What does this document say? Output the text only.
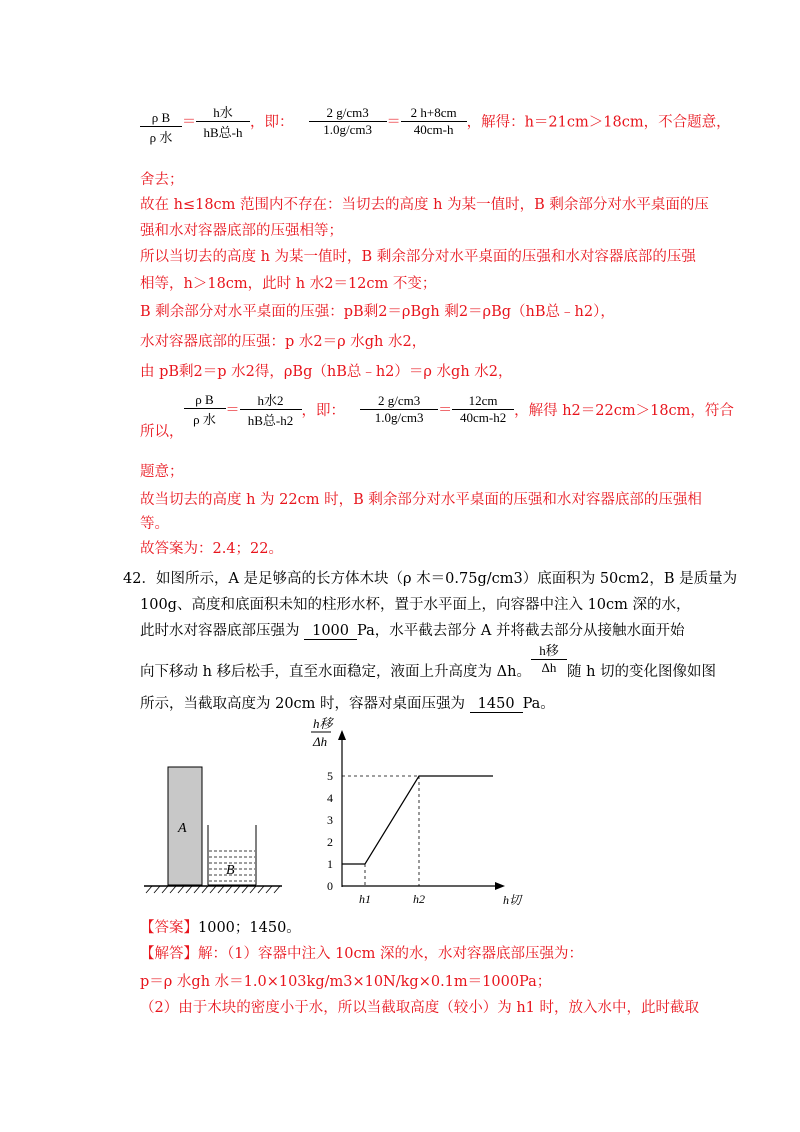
$\frac{\text{ρ B}}{\text{ρ 水}} = \frac{\text{h水}}{\text{hB总-h}}$ ，即： $\frac{2 g/cm3}{1.0g/cm3} = \frac{2 h+8cm}{40cm-h}$ ，解得：h＝21cm＞18cm，不合题意，
舍去；
故在 h≤18cm 范围内不存在：当切去的高度 h 为某一值时，B 剩余部分对水平桌面的压
强和水对容器底部的压强相等；
所以当切去的高度 h 为某一值时，B 剩余部分对水平桌面的压强和水对容器底部的压强
相等，h＞18cm，此时 h 水2＝12cm 不变；
B 剩余部分对水平桌面的压强：pB剩2＝ρBgh 剩2＝ρBg（hB总﹣h2），
水对容器底部的压强：p 水2＝ρ 水gh 水2，
由 pB剩2＝p 水2得，ρBg（hB总﹣h2）＝ρ 水gh 水2，
所以，
$\frac{\text{ρ B}}{\text{ρ 水}} = \frac{\text{h水2}}{\text{hB总-h2}}$ ，即： $\frac{2 g/cm3}{1.0g/cm3} = \frac{12cm}{40cm-h2}$ ，解得 h2＝22cm＞18cm，符合
题意；
故当切去的高度 h 为 22cm 时，B 剩余部分对水平桌面的压强和水对容器底部的压强相
等。
故答案为：2.4；22。
42．如图所示，A 是足够高的长方体木块（ρ 木＝0.75g/cm3）底面积为 50cm2，B 是质量为
100g、高度和底面积未知的柱形水杯，置于水平面上，向容器中注入 10cm 深的水，
此时水对容器底部压强为 1000 Pa，水平截去部分 A 并将截去部分从接触水面开始
向下移动 h 移后松手，直至水面稳定，液面上升高度为 Δh。 $\frac{\text{h移}}{\Delta h}$ 随 h 切的变化图像如图
所示，当截取高度为 20cm 时，容器对桌面压强为 1450 Pa。
A
B
h移
Δh
5
4
3
2
1
0
h1	h2	h切
【答案】1000；1450。
【解答】解：（1）容器中注入 10cm 深的水，水对容器底部压强为：
p＝ρ 水gh 水＝1.0×103kg/m3×10N/kg×0.1m＝1000Pa；
（2）由于木块的密度小于水，所以当截取高度（较小）为 h1 时，放入水中，此时截取
